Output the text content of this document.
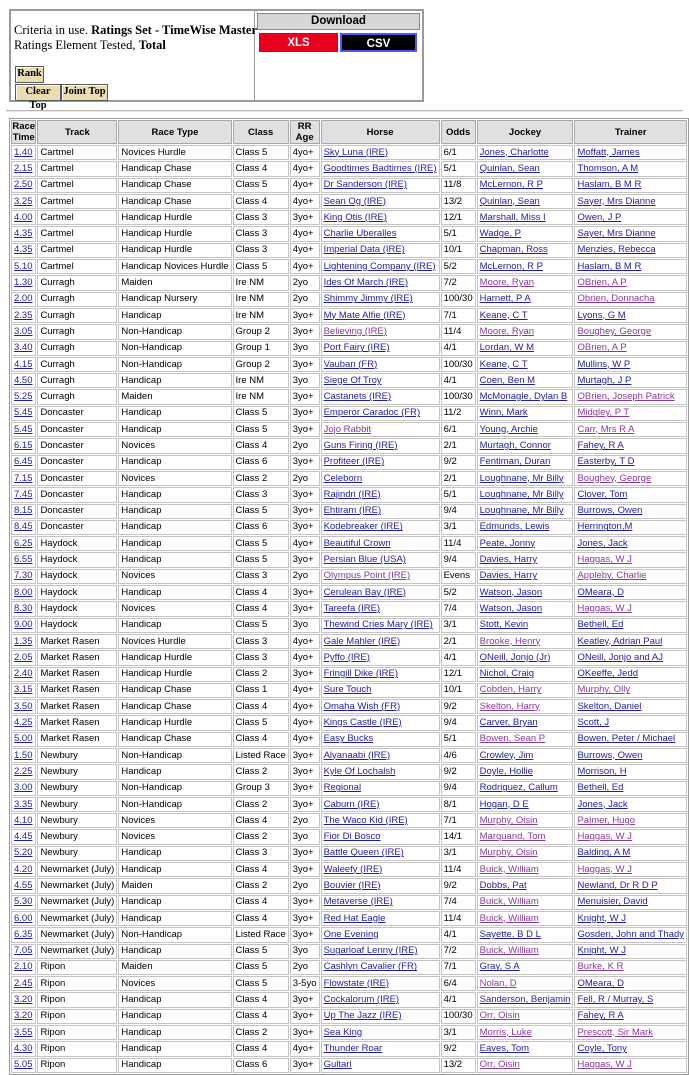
Criteria in use. Ratings Set - TimeWise Master
Ratings Element Tested, Total
Rank
Clear Top
Joint Top
Download
XLS	CSV
Race Time	Track	Race Type	Class	RR Age	Horse	Odds	Jockey	Trainer
1.40	Cartmel	Novices Hurdle	Class 5	4yo+	Sky Luna (IRE)	6/1	Jones, Charlotte	Moffatt, James
2.15	Cartmel	Handicap Chase	Class 4	4yo+	Goodtimes Badtimes (IRE)	5/1	Quinlan, Sean	Thomson, A M
2.50	Cartmel	Handicap Chase	Class 5	4yo+	Dr Sanderson (IRE)	11/8	McLernon, R P	Haslam, B M R
3.25	Cartmel	Handicap Chase	Class 4	4yo+	Sean Og (IRE)	13/2	Quinlan, Sean	Sayer, Mrs Dianne
4.00	Cartmel	Handicap Hurdle	Class 3	3yo+	King Otis (IRE)	12/1	Marshall, Miss I	Owen, J P
4.35	Cartmel	Handicap Hurdle	Class 3	4yo+	Charlie Uberalles	5/1	Wadge, P	Sayer, Mrs Dianne
4.35	Cartmel	Handicap Hurdle	Class 3	4yo+	Imperial Data (IRE)	10/1	Chapman, Ross	Menzies, Rebecca
5.10	Cartmel	Handicap Novices Hurdle	Class 5	4yo+	Lightening Company (IRE)	5/2	McLernon, R P	Haslam, B M R
1.30	Curragh	Maiden	Ire NM	2yo	Ides Of March (IRE)	7/2	Moore, Ryan	OBrien, A P
2.00	Curragh	Handicap Nursery	Ire NM	2yo	Shimmy Jimmy (IRE)	100/30	Harnett, P A	Obrien, Donnacha
2.35	Curragh	Handicap	Ire NM	3yo+	My Mate Alfie (IRE)	7/1	Keane, C T	Lyons, G M
3.05	Curragh	Non-Handicap	Group 2	3yo+	Believing (IRE)	11/4	Moore, Ryan	Boughey, George
3.40	Curragh	Non-Handicap	Group 1	3yo	Port Fairy (IRE)	4/1	Lordan, W M	OBrien, A P
4.15	Curragh	Non-Handicap	Group 2	3yo+	Vauban (FR)	100/30	Keane, C T	Mullins, W P
4.50	Curragh	Handicap	Ire NM	3yo	Siege Of Troy	4/1	Coen, Ben M	Murtagh, J P
5.25	Curragh	Maiden	Ire NM	3yo+	Castanets (IRE)	100/30	McMonagle, Dylan B	OBrien, Joseph Patrick
5.45	Doncaster	Handicap	Class 5	3yo+	Emperor Caradoc (FR)	11/2	Winn, Mark	Midgley, P T
5.45	Doncaster	Handicap	Class 5	3yo+	Jojo Rabbit	6/1	Young, Archie	Carr, Mrs R A
6.15	Doncaster	Novices	Class 4	2yo	Guns Firing (IRE)	2/1	Murtagh, Connor	Fahey, R A
6.45	Doncaster	Handicap	Class 6	3yo+	Profiteer (IRE)	9/2	Fentiman, Duran	Easterby, T D
7.15	Doncaster	Novices	Class 2	2yo	Celeborn	2/1	Loughnane, Mr Billy	Boughey, George
7.45	Doncaster	Handicap	Class 3	3yo+	Rajindri (IRE)	5/1	Loughnane, Mr Billy	Clover, Tom
8.15	Doncaster	Handicap	Class 5	3yo+	Ehtiram (IRE)	9/4	Loughnane, Mr Billy	Burrows, Owen
8.45	Doncaster	Handicap	Class 6	3yo+	Kodebreaker (IRE)	3/1	Edmunds, Lewis	Herrington,M
6.25	Haydock	Handicap	Class 5	4yo+	Beautiful Crown	11/4	Peate, Jonny	Jones, Jack
6.55	Haydock	Handicap	Class 5	3yo+	Persian Blue (USA)	9/4	Davies, Harry	Haggas, W J
7.30	Haydock	Novices	Class 3	2yo	Olympus Point (IRE)	Evens	Davies, Harry	Appleby, Charlie
8.00	Haydock	Handicap	Class 4	3yo+	Cerulean Bay (IRE)	5/2	Watson, Jason	OMeara, D
8.30	Haydock	Novices	Class 4	3yo+	Tareefa (IRE)	7/4	Watson, Jason	Haggas, W J
9.00	Haydock	Handicap	Class 5	3yo	Thewind Cries Mary (IRE)	3/1	Stott, Kevin	Bethell, Ed
1.35	Market Rasen	Novices Hurdle	Class 3	4yo+	Gale Mahler (IRE)	2/1	Brooke, Henry	Keatley, Adrian Paul
2.05	Market Rasen	Handicap Hurdle	Class 3	4yo+	Pyffo (IRE)	4/1	ONeill, Jonjo (Jr)	ONeill, Jonjo and AJ
2.40	Market Rasen	Handicap Hurdle	Class 2	3yo+	Fringill Dike (IRE)	12/1	Nichol, Craig	OKeeffe, Jedd
3.15	Market Rasen	Handicap Chase	Class 1	4yo+	Sure Touch	10/1	Cobden, Harry	Murphy, Olly
3.50	Market Rasen	Handicap Chase	Class 4	4yo+	Omaha Wish (FR)	9/2	Skelton, Harry	Skelton, Daniel
4.25	Market Rasen	Handicap Hurdle	Class 5	4yo+	Kings Castle (IRE)	9/4	Carver, Bryan	Scott, J
5.00	Market Rasen	Handicap Chase	Class 4	4yo+	Easy Bucks	5/1	Bowen, Sean P	Bowen, Peter / Michael
1.50	Newbury	Non-Handicap	Listed Race	3yo+	Alyanaabi (IRE)	4/6	Crowley, Jim	Burrows, Owen
2.25	Newbury	Handicap	Class 2	3yo+	Kyle Of Lochalsh	9/2	Doyle, Hollie	Morrison, H
3.00	Newbury	Non-Handicap	Group 3	3yo+	Regional	9/4	Rodriguez, Callum	Bethell, Ed
3.35	Newbury	Non-Handicap	Class 2	3yo+	Caburn (IRE)	8/1	Hogan, D E	Jones, Jack
4.10	Newbury	Novices	Class 4	2yo	The Waco Kid (IRE)	7/1	Murphy, Oisin	Palmer, Hugo
4.45	Newbury	Novices	Class 2	3yo	Fior Di Bosco	14/1	Marquand, Tom	Haggas, W J
5.20	Newbury	Handicap	Class 3	3yo+	Battle Queen (IRE)	3/1	Murphy, Oisin	Balding, A M
4.20	Newmarket (July)	Handicap	Class 4	3yo+	Waleefy (IRE)	11/4	Buick, William	Haggas, W J
4.55	Newmarket (July)	Maiden	Class 2	2yo	Bouvier (IRE)	9/2	Dobbs, Pat	Newland, Dr R D P
5.30	Newmarket (July)	Handicap	Class 4	3yo+	Metaverse (IRE)	7/4	Buick, William	Menuisier, David
6.00	Newmarket (July)	Handicap	Class 4	3yo+	Red Hat Eagle	11/4	Buick, William	Knight, W J
6.35	Newmarket (July)	Non-Handicap	Listed Race	3yo+	One Evening	4/1	Sayette, B D L	Gosden, John and Thady
7.05	Newmarket (July)	Handicap	Class 5	3yo	Sugarloaf Lenny (IRE)	7/2	Buick, William	Knight, W J
2.10	Ripon	Maiden	Class 5	2yo	Cashlyn Cavalier (FR)	7/1	Gray, S A	Burke, K R
2.45	Ripon	Novices	Class 5	3-5yo	Flowstate (IRE)	6/4	Nolan, D	OMeara, D
3.20	Ripon	Handicap	Class 4	3yo+	Cockalorum (IRE)	4/1	Sanderson, Benjamin	Fell, R / Murray, S
3.20	Ripon	Handicap	Class 4	3yo+	Up The Jazz (IRE)	100/30	Orr, Oisin	Fahey, R A
3.55	Ripon	Handicap	Class 2	3yo+	Sea King	3/1	Morris, Luke	Prescott, Sir Mark
4.30	Ripon	Handicap	Class 4	4yo+	Thunder Roar	9/2	Eaves, Tom	Coyle, Tony
5.05	Ripon	Handicap	Class 6	3yo+	Gultari	13/2	Orr, Oisin	Haggas, W J
